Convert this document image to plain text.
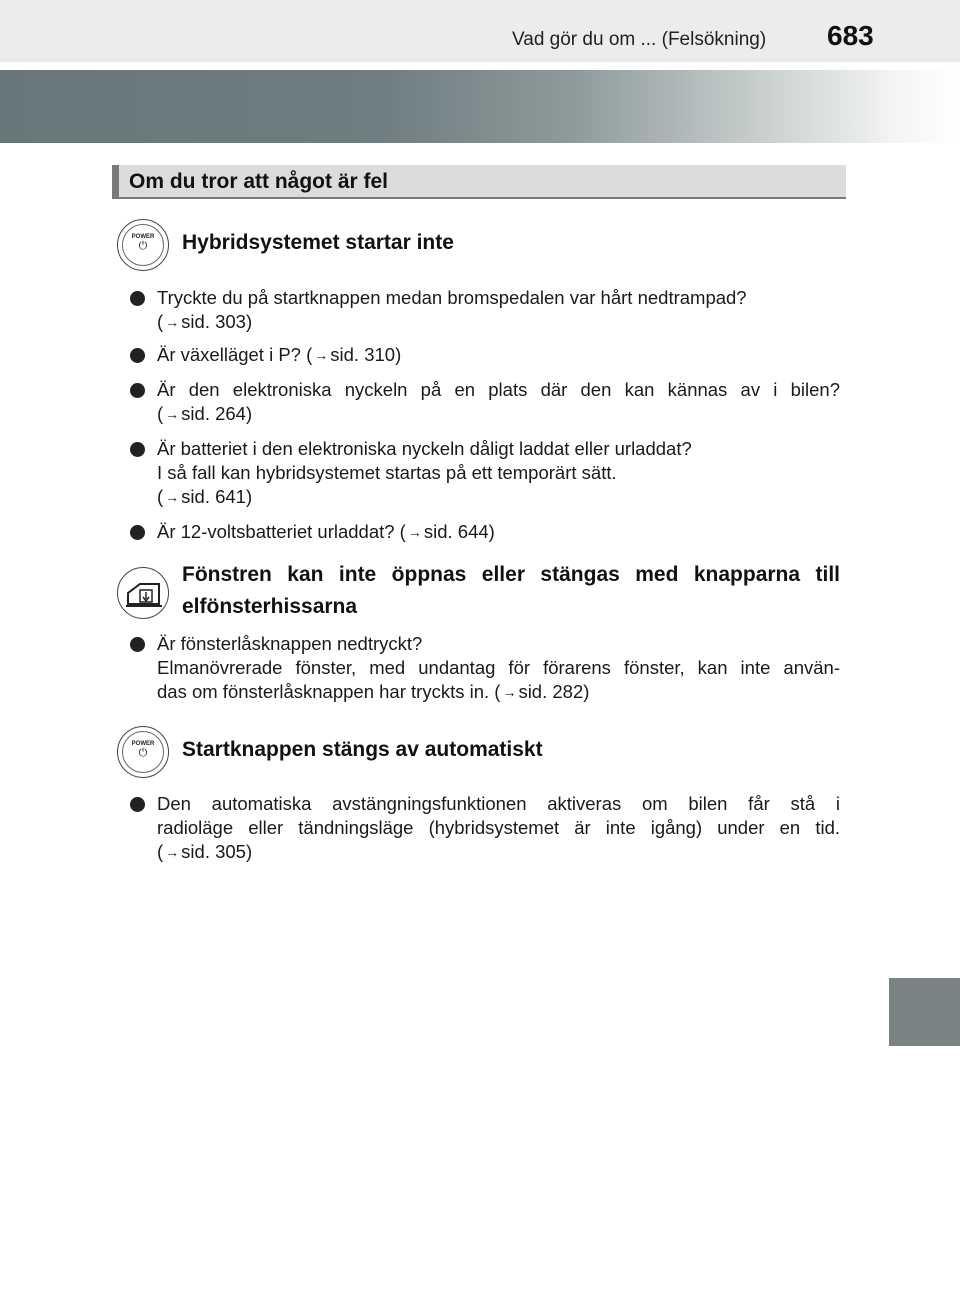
Vad gör du om ... (Felsökning) 683
Om du tror att något är fel
POWER
⏻	Hybridsystemet startar inte
Tryckte du på startknappen medan bromspedalen var hårt nedtrampad?
( → sid. 303)
Är växelläget i P? ( → sid. 310)
Är den elektroniska nyckeln på en plats där den kan kännas av i bilen?
( → sid. 264)
Är batteriet i den elektroniska nyckeln dåligt laddat eller urladdat?
I så fall kan hybridsystemet startas på ett temporärt sätt.
( → sid. 641)
Är 12-voltsbatteriet urladdat? ( → sid. 644)
Fönstren kan inte öppnas eller stängas med knapparna till elfönsterhissarna
Är fönsterlåsknappen nedtryckt?
Elmanövrerade fönster, med undantag för förarens fönster, kan inte använ-
das om fönsterlåsknappen har tryckts in. ( → sid. 282)
POWER
⏻	Startknappen stängs av automatiskt
Den automatiska avstängningsfunktionen aktiveras om bilen får stå i
radioläge eller tändningsläge (hybridsystemet är inte igång) under en tid.
( → sid. 305)
